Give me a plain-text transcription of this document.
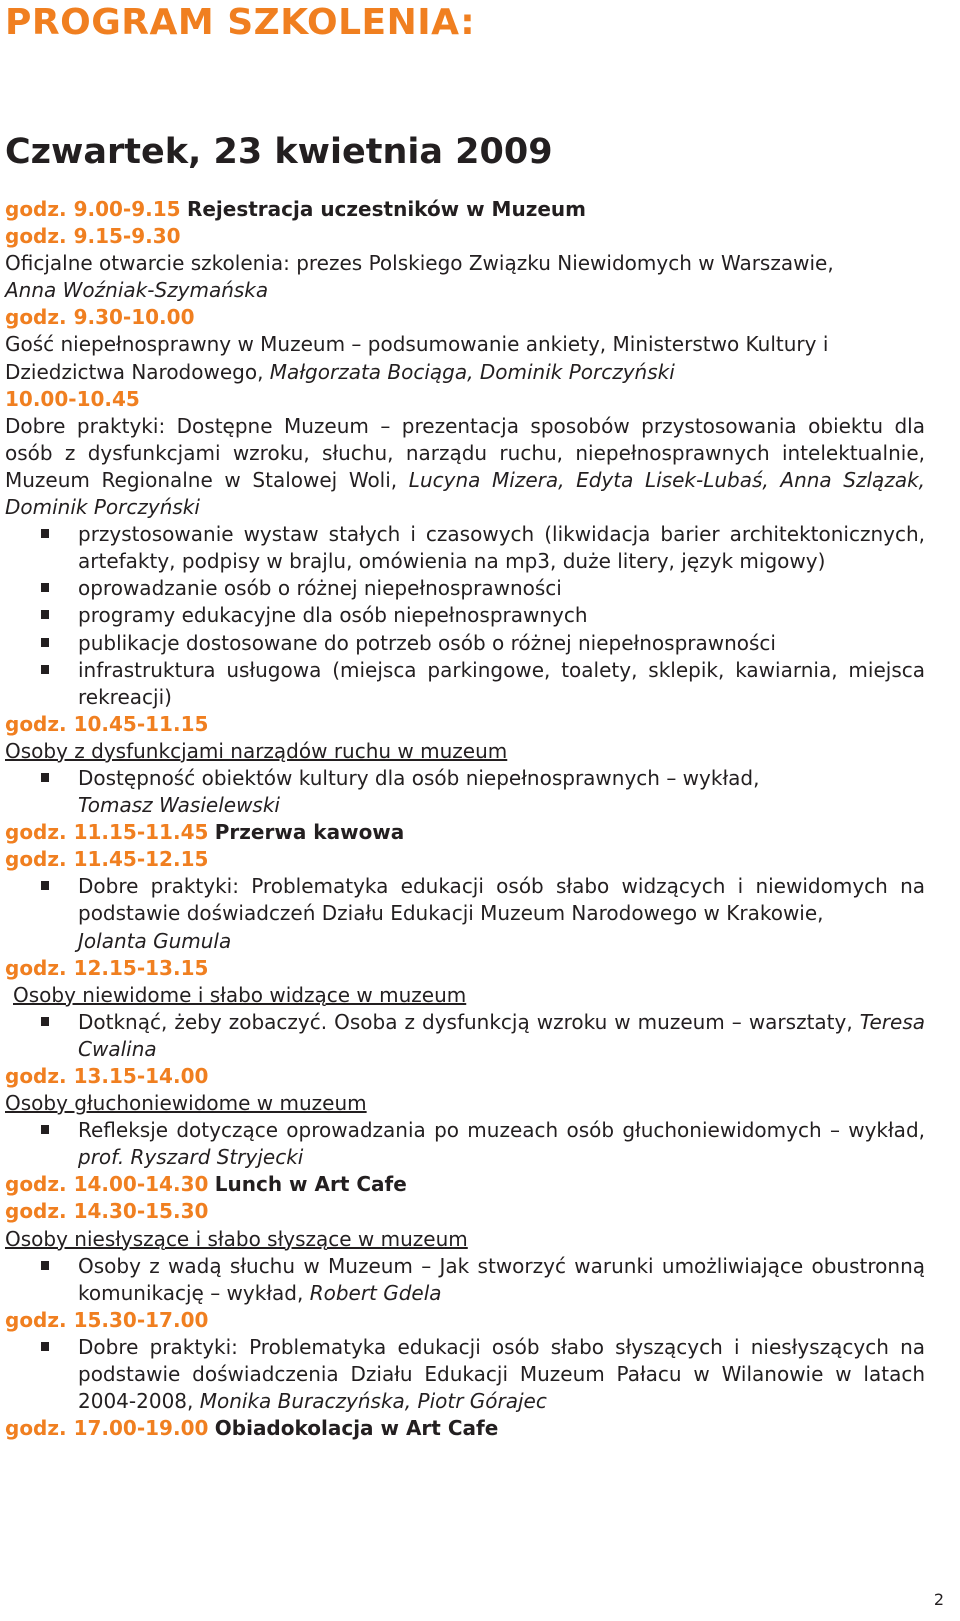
PROGRAM SZKOLENIA:
Czwartek, 23 kwietnia 2009

godz. 9.00-9.15 Rejestracja uczestników w Muzeum

godz. 9.15-9.30

Oficjalne otwarcie szkolenia: prezes Polskiego Związku Niewidomych w Warszawie,
Anna Woźniak-Szymańska

godz. 9.30-10.00

Gość niepełnosprawny w Muzeum – podsumowanie ankiety, Ministerstwo Kultury i Dziedzictwa Narodowego, Małgorzata Bociąga, Dominik Porczyński

10.00-10.45

Dobre praktyki: Dostępne Muzeum – prezentacja sposobów przystosowania obiektu dla osób z dysfunkcjami wzroku, słuchu, narządu ruchu, niepełnosprawnych intelektualnie, Muzeum Regionalne w Stalowej Woli, Lucyna Mizera, Edyta Lisek-Lubaś, Anna Szlązak, Dominik Porczyński

przystosowanie wystaw stałych i czasowych (likwidacja barier architektonicznych, artefakty, podpisy w brajlu, omówienia na mp3, duże litery, język migowy)
oprowadzanie osób o różnej niepełnosprawności
programy edukacyjne dla osób niepełnosprawnych
publikacje dostosowane do potrzeb osób o różnej niepełnosprawności
infrastruktura usługowa (miejsca parkingowe, toalety, sklepik, kawiarnia, miejsca rekreacji)

godz. 10.45-11.15

Osoby z dysfunkcjami narządów ruchu w muzeum

Dostępność obiektów kultury dla osób niepełnosprawnych – wykład,
Tomasz Wasielewski

godz. 11.15-11.45 Przerwa kawowa

godz. 11.45-12.15

Dobre praktyki: Problematyka edukacji osób słabo widzących i niewidomych na podstawie doświadczeń Działu Edukacji Muzeum Narodowego w Krakowie,
Jolanta Gumula

godz. 12.15-13.15

Osoby niewidome i słabo widzące w muzeum

Dotknąć, żeby zobaczyć. Osoba z dysfunkcją wzroku w muzeum – warsztaty, Teresa Cwalina

godz. 13.15-14.00

Osoby głuchoniewidome w muzeum

Refleksje dotyczące oprowadzania po muzeach osób głuchoniewidomych – wykład, prof. Ryszard Stryjecki

godz. 14.00-14.30 Lunch w Art Cafe

godz. 14.30-15.30

Osoby niesłyszące i słabo słyszące w muzeum

Osoby z wadą słuchu w Muzeum – Jak stworzyć warunki umożliwiające obustronną komunikację – wykład, Robert Gdela

godz. 15.30-17.00

Dobre praktyki: Problematyka edukacji osób słabo słyszących i niesłyszących na podstawie doświadczenia Działu Edukacji Muzeum Pałacu w Wilanowie w latach 2004-2008, Monika Buraczyńska, Piotr Górajec

godz. 17.00-19.00 Obiadokolacja w Art Cafe

2
